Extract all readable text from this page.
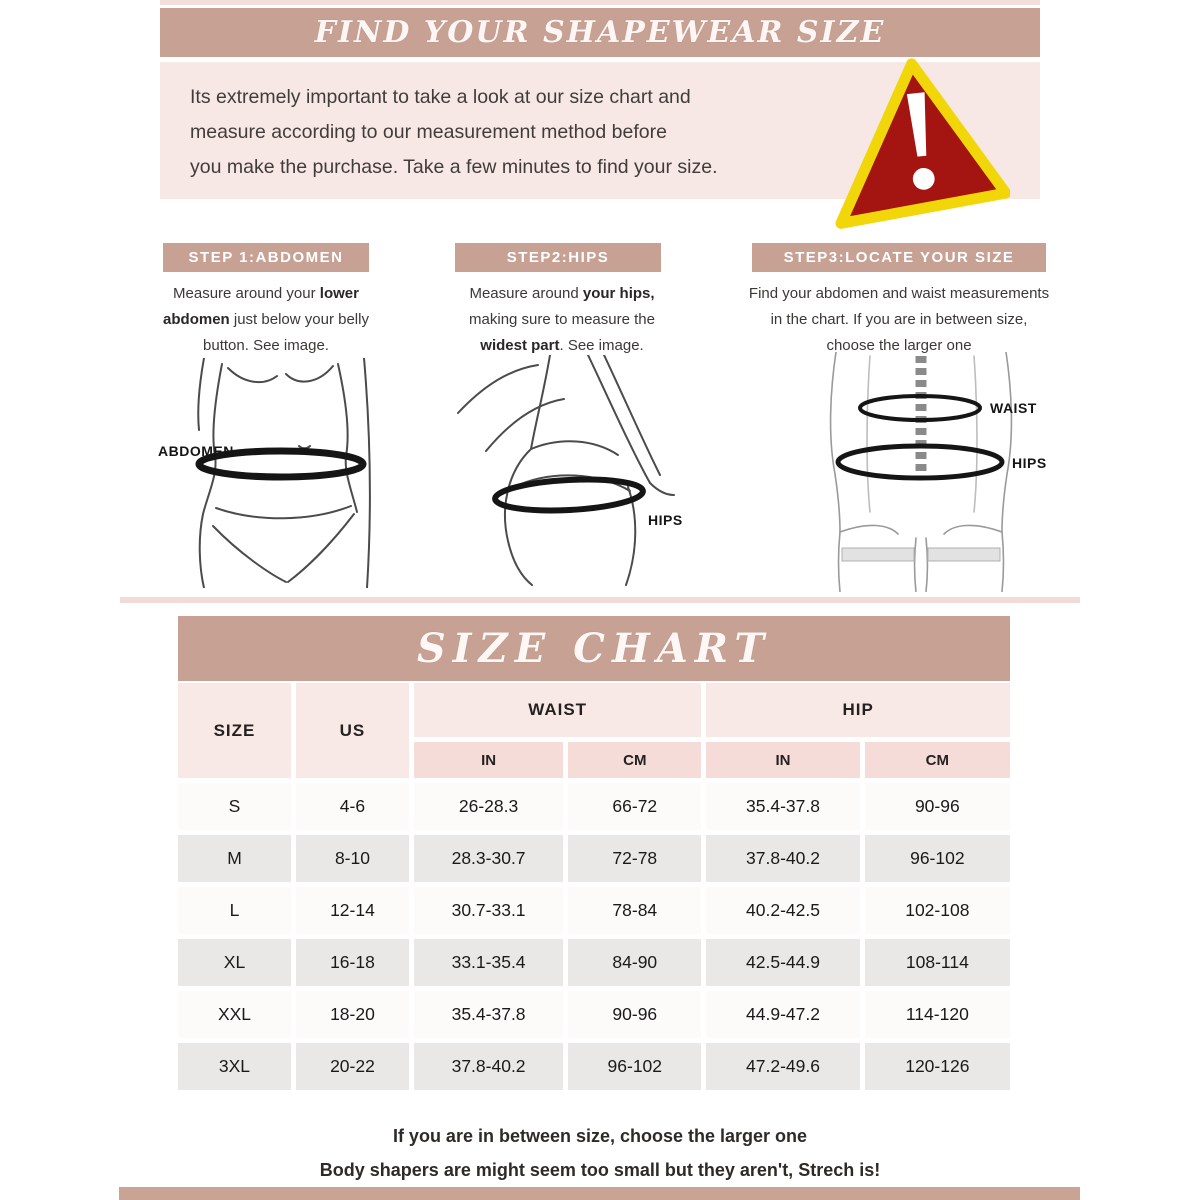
FIND YOUR SHAPEWEAR SIZE

Its extremely important to take a look at our size chart and

measure according to our measurement method before

you make the purchase. Take a few minutes to find your size.

STEP 1:ABDOMEN	STEP2:HIPS	STEP3:LOCATE YOUR SIZE

Measure around your lower abdomen just below your belly button. See image.

Measure around your hips, making sure to measure the widest part. See image.

Find your abdomen and waist measurements in the chart. If you are in between size, choose the larger one

ABDOMEN
HIPS
WAIST
HIPS
SIZE CHART
SIZE	US	WAIST		HIP	
		IN	CM	IN	CM
S	4-6	26-28.3	66-72	35.4-37.8	90-96
M	8-10	28.3-30.7	72-78	37.8-40.2	96-102
L	12-14	30.7-33.1	78-84	40.2-42.5	102-108
XL	16-18	33.1-35.4	84-90	42.5-44.9	108-114
XXL	18-20	35.4-37.8	90-96	44.9-47.2	114-120
3XL	20-22	37.8-40.2	96-102	47.2-49.6	120-126

If you are in between size, choose the larger one

Body shapers are might seem too small but they aren't, Strech is!
